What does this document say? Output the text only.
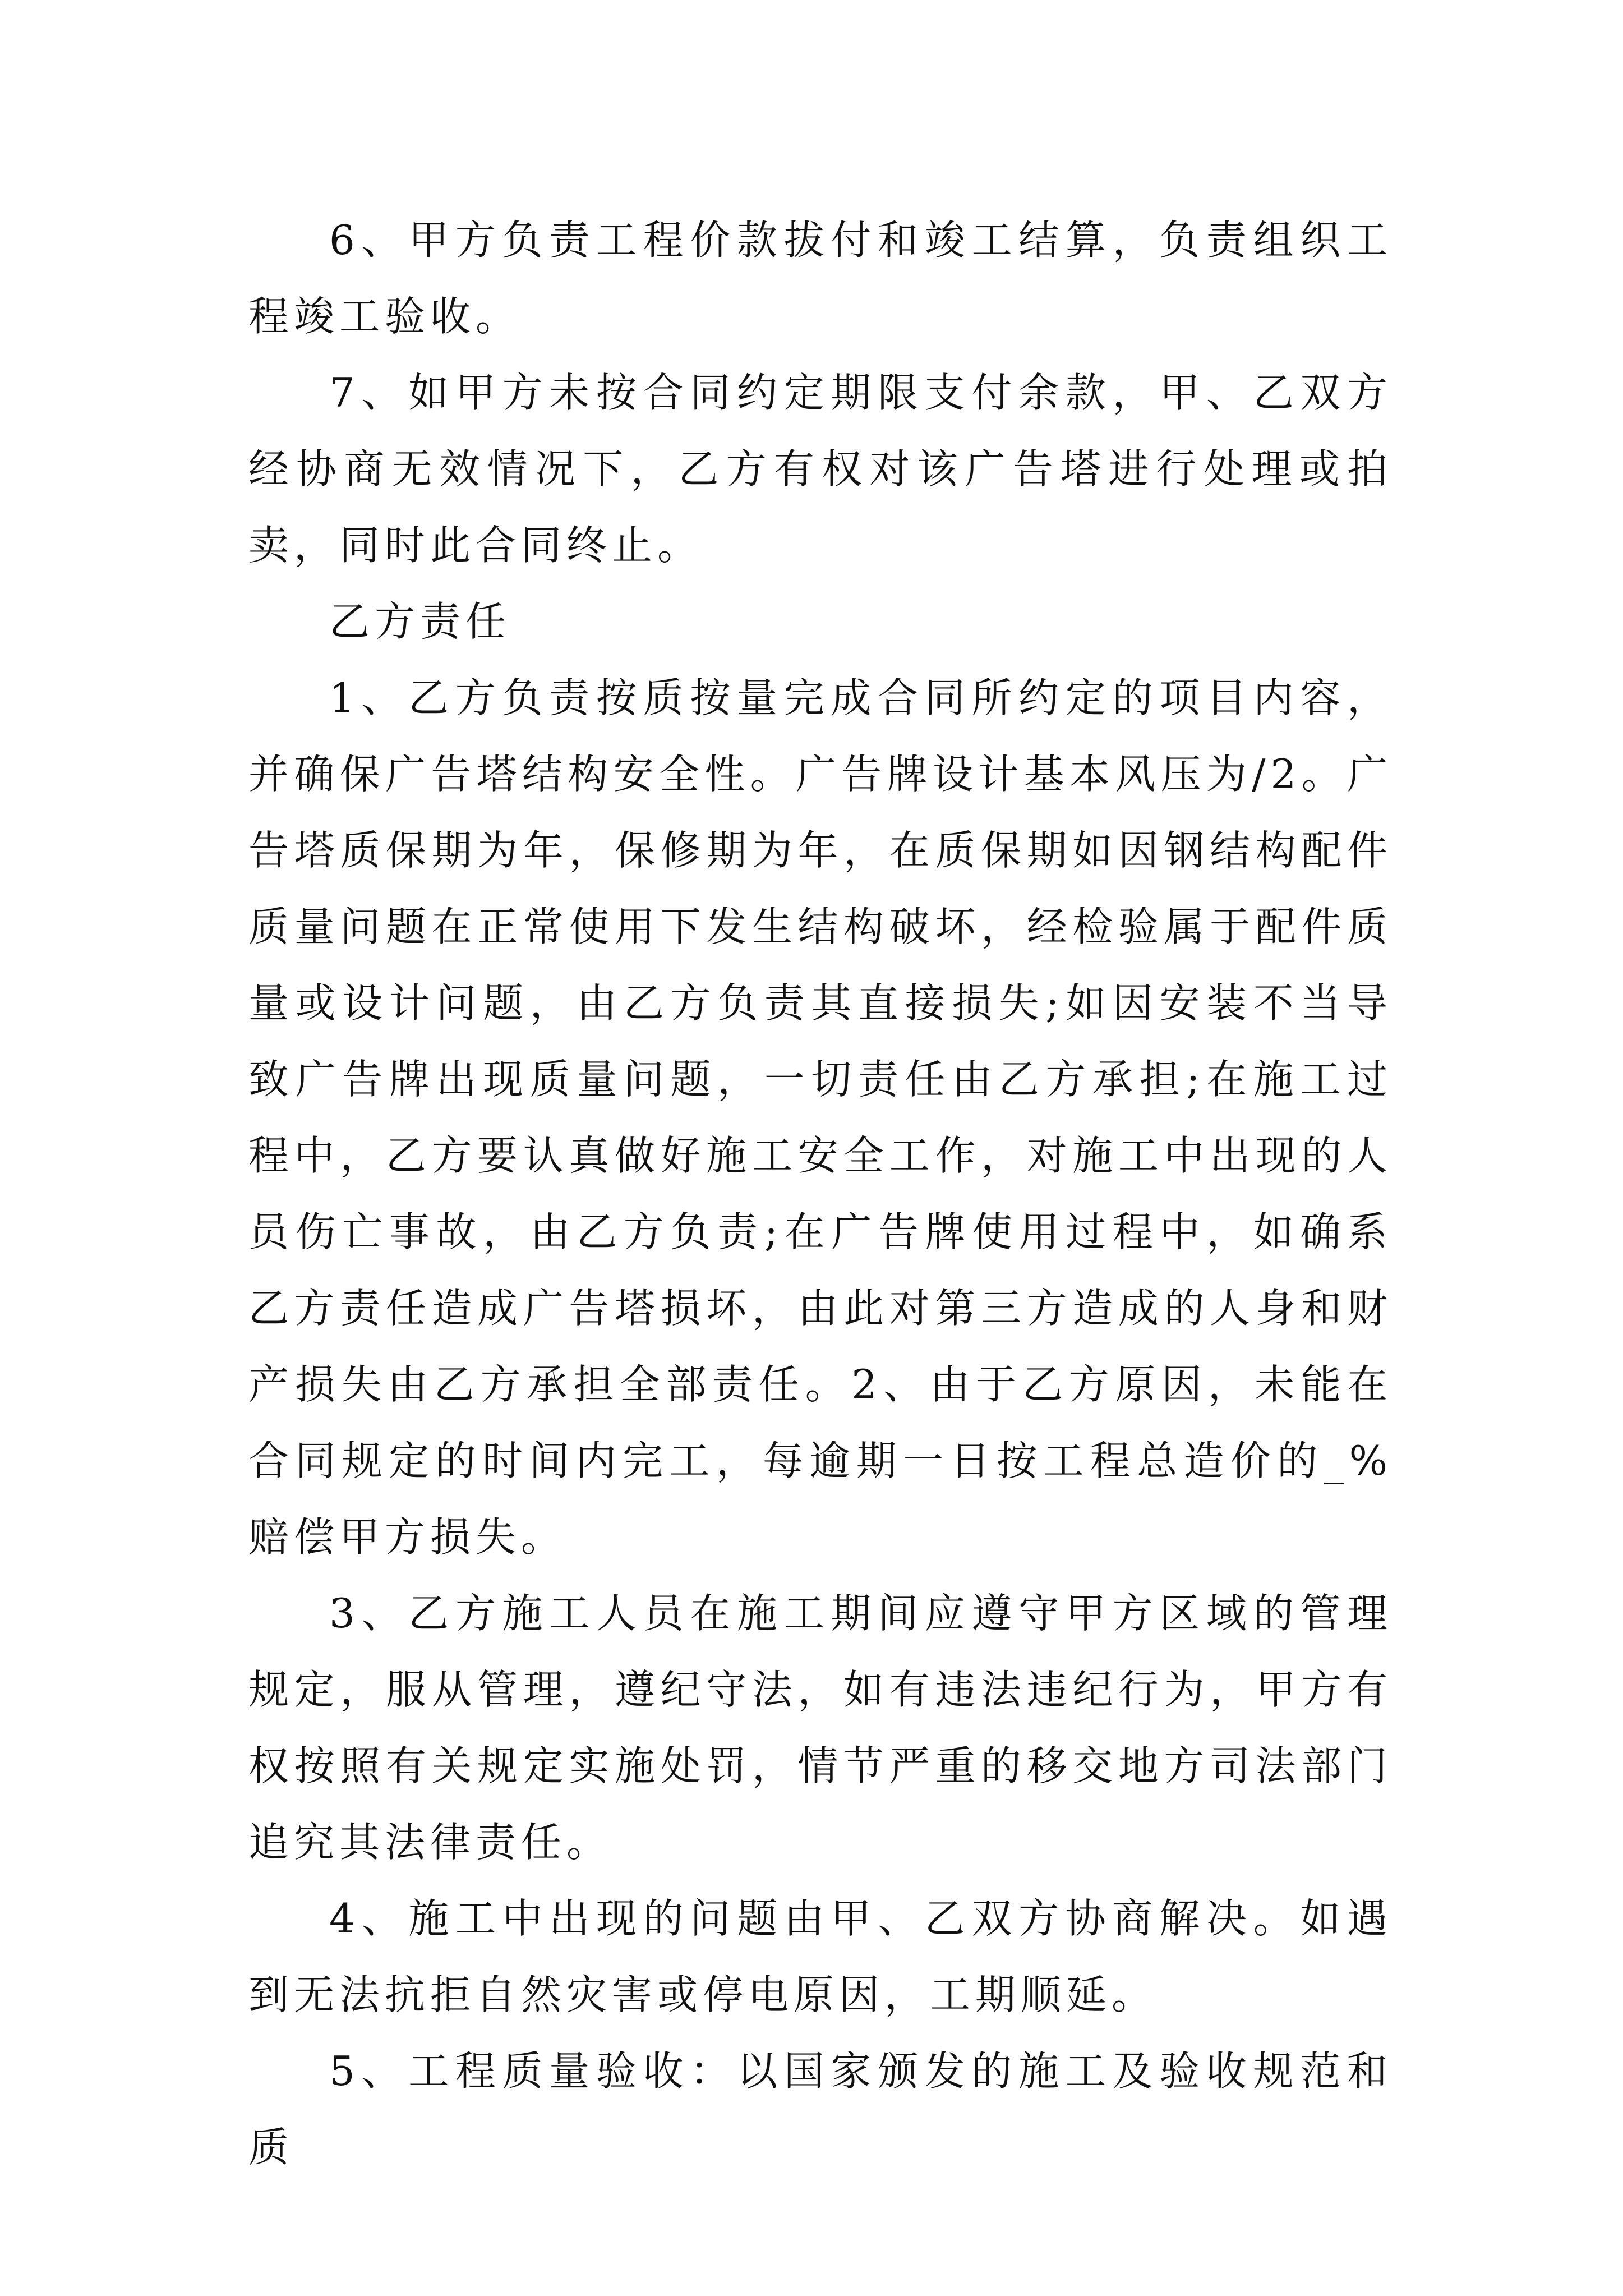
6、甲方负责工程价款拔付和竣工结算，负责组织工程竣工验收。

7、如甲方未按合同约定期限支付余款，甲、乙双方经协商无效情况下，乙方有权对该广告塔进行处理或拍卖，同时此合同终止。

乙方责任

1、乙方负责按质按量完成合同所约定的项目内容，并确保广告塔结构安全性。广告牌设计基本风压为/2。广告塔质保期为年，保修期为年，在质保期如因钢结构配件质量问题在正常使用下发生结构破坏，经检验属于配件质量或设计问题，由乙方负责其直接损失;如因安装不当导致广告牌出现质量问题，一切责任由乙方承担;在施工过程中，乙方要认真做好施工安全工作，对施工中出现的人员伤亡事故，由乙方负责;在广告牌使用过程中，如确系乙方责任造成广告塔损坏，由此对第三方造成的人身和财产损失由乙方承担全部责任。2、由于乙方原因，未能在合同规定的时间内完工，每逾期一日按工程总造价的_%赔偿甲方损失。

3、乙方施工人员在施工期间应遵守甲方区域的管理规定，服从管理，遵纪守法，如有违法违纪行为，甲方有权按照有关规定实施处罚，情节严重的移交地方司法部门追究其法律责任。

4、施工中出现的问题由甲、乙双方协商解决。如遇到无法抗拒自然灾害或停电原因，工期顺延。

5、工程质量验收：以国家颁发的施工及验收规范和质
